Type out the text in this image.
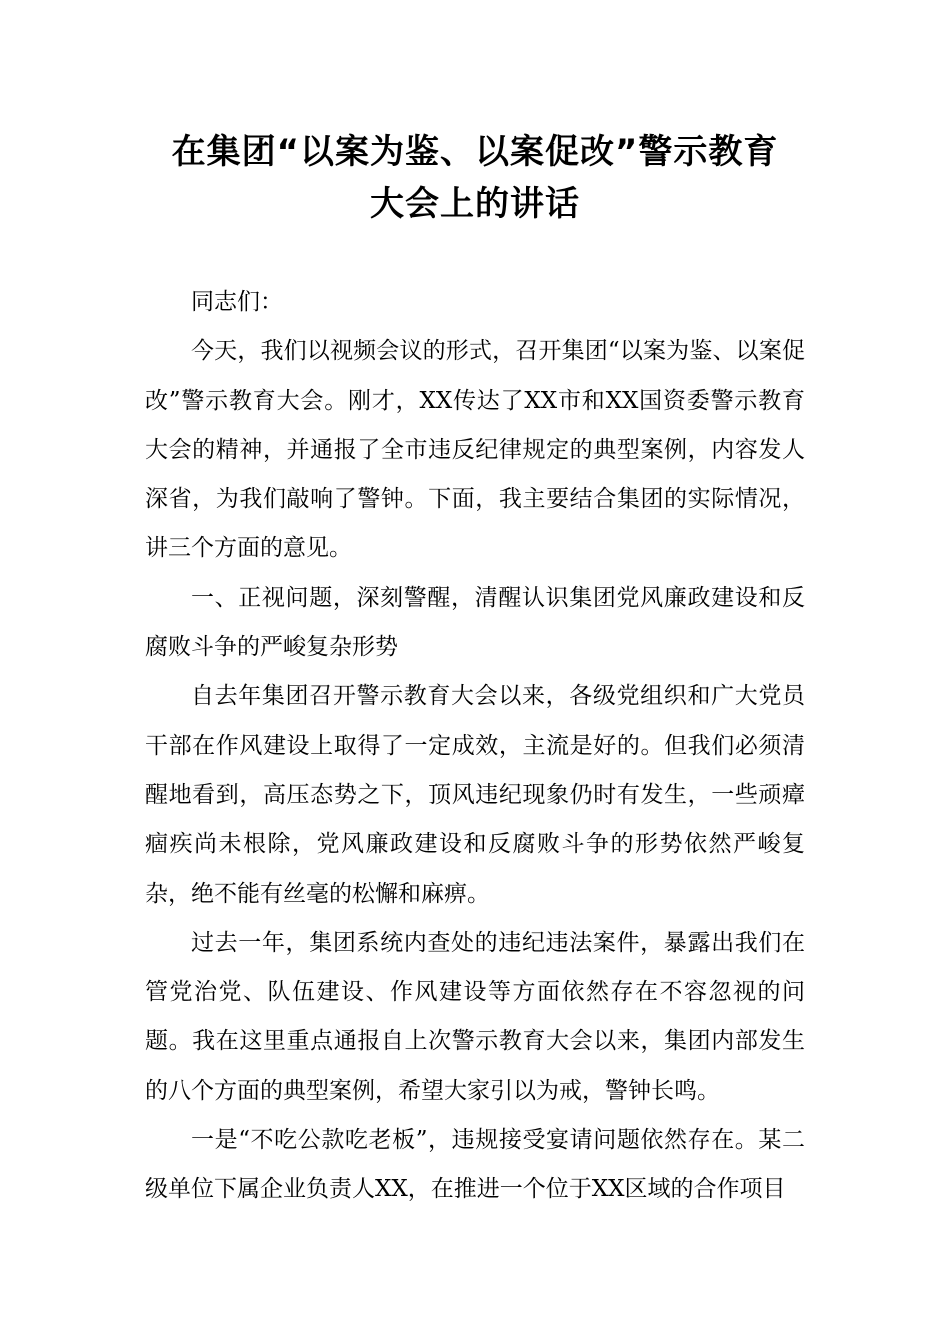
在集团“以案为鉴、以案促改”警示教育
大会上的讲话

同志们：

今天，我们以视频会议的形式，召开集团“以案为鉴、以案促改”警示教育大会。刚才，XX传达了XX市和XX国资委警示教育大会的精神，并通报了全市违反纪律规定的典型案例，内容发人深省，为我们敲响了警钟。下面，我主要结合集团的实际情况，讲三个方面的意见。

一、正视问题，深刻警醒，清醒认识集团党风廉政建设和反腐败斗争的严峻复杂形势

自去年集团召开警示教育大会以来，各级党组织和广大党员干部在作风建设上取得了一定成效，主流是好的。但我们必须清醒地看到，高压态势之下，顶风违纪现象仍时有发生，一些顽瘴痼疾尚未根除，党风廉政建设和反腐败斗争的形势依然严峻复杂，绝不能有丝毫的松懈和麻痹。

过去一年，集团系统内查处的违纪违法案件，暴露出我们在管党治党、队伍建设、作风建设等方面依然存在不容忽视的问题。我在这里重点通报自上次警示教育大会以来，集团内部发生的八个方面的典型案例，希望大家引以为戒，警钟长鸣。

一是“不吃公款吃老板”，违规接受宴请问题依然存在。某二级单位下属企业负责人XX，在推进一个位于XX区域的合作项目
